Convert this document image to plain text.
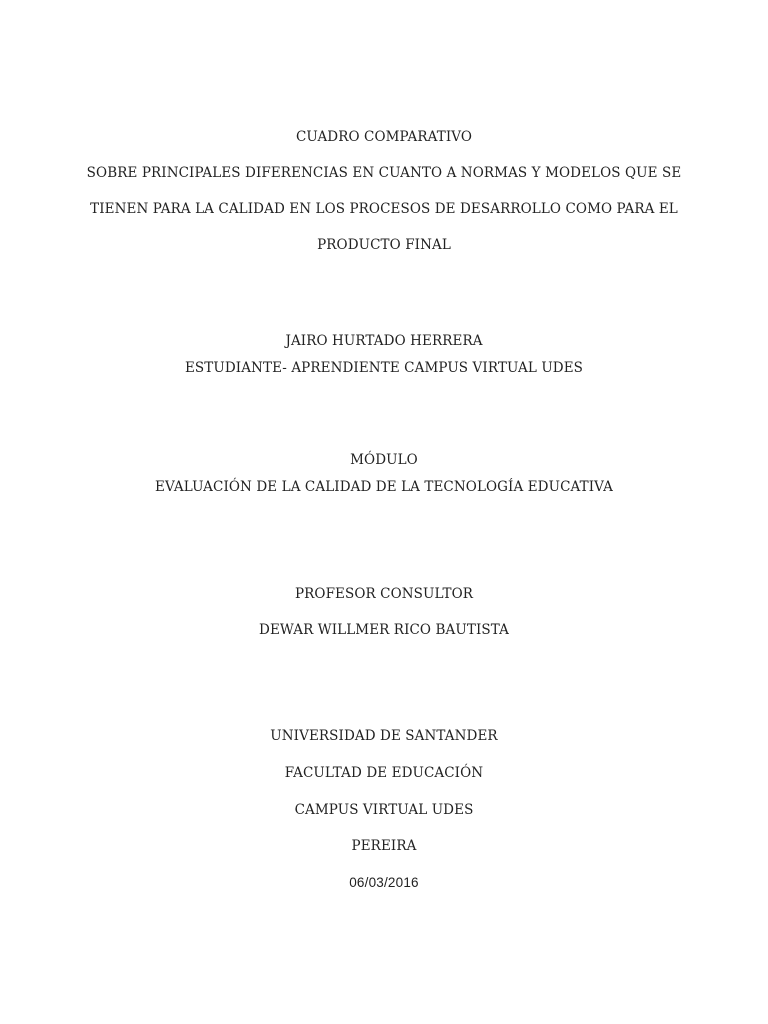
CUADRO COMPARATIVO
SOBRE PRINCIPALES DIFERENCIAS EN CUANTO A NORMAS Y MODELOS QUE SE
TIENEN PARA LA CALIDAD EN LOS PROCESOS DE DESARROLLO COMO PARA EL
PRODUCTO FINAL
JAIRO HURTADO HERRERA
ESTUDIANTE- APRENDIENTE CAMPUS VIRTUAL UDES
MÓDULO
EVALUACIÓN DE LA CALIDAD DE LA TECNOLOGÍA EDUCATIVA
PROFESOR CONSULTOR
DEWAR WILLMER RICO BAUTISTA
UNIVERSIDAD DE SANTANDER
FACULTAD DE EDUCACIÓN
CAMPUS VIRTUAL UDES
PEREIRA
06/03/2016
